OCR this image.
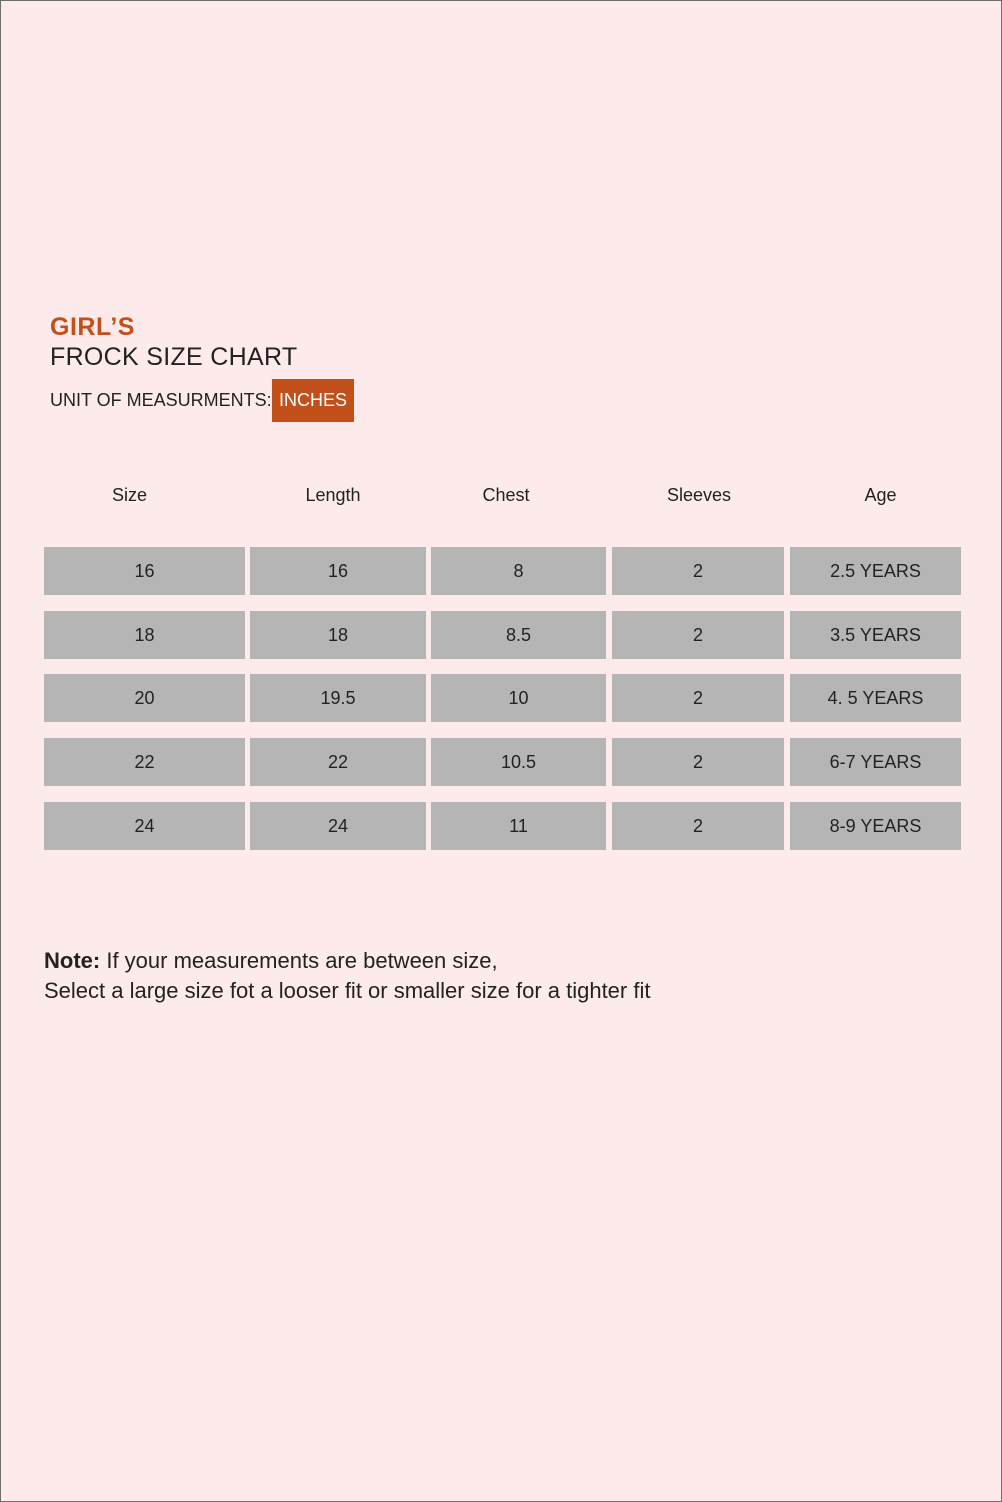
GIRL’S
FROCK SIZE CHART
UNIT OF MEASURMENTS: INCHES
Size	Length	Chest	Sleeves	Age
16	16	8	2	2.5 YEARS
18	18	8.5	2	3.5 YEARS
20	19.5	10	2	4. 5 YEARS
22	22	10.5	2	6-7 YEARS
24	24	11	2	8-9 YEARS
Note: If your measurements are between size,
Select a large size fot a looser fit or smaller size for a tighter fit
